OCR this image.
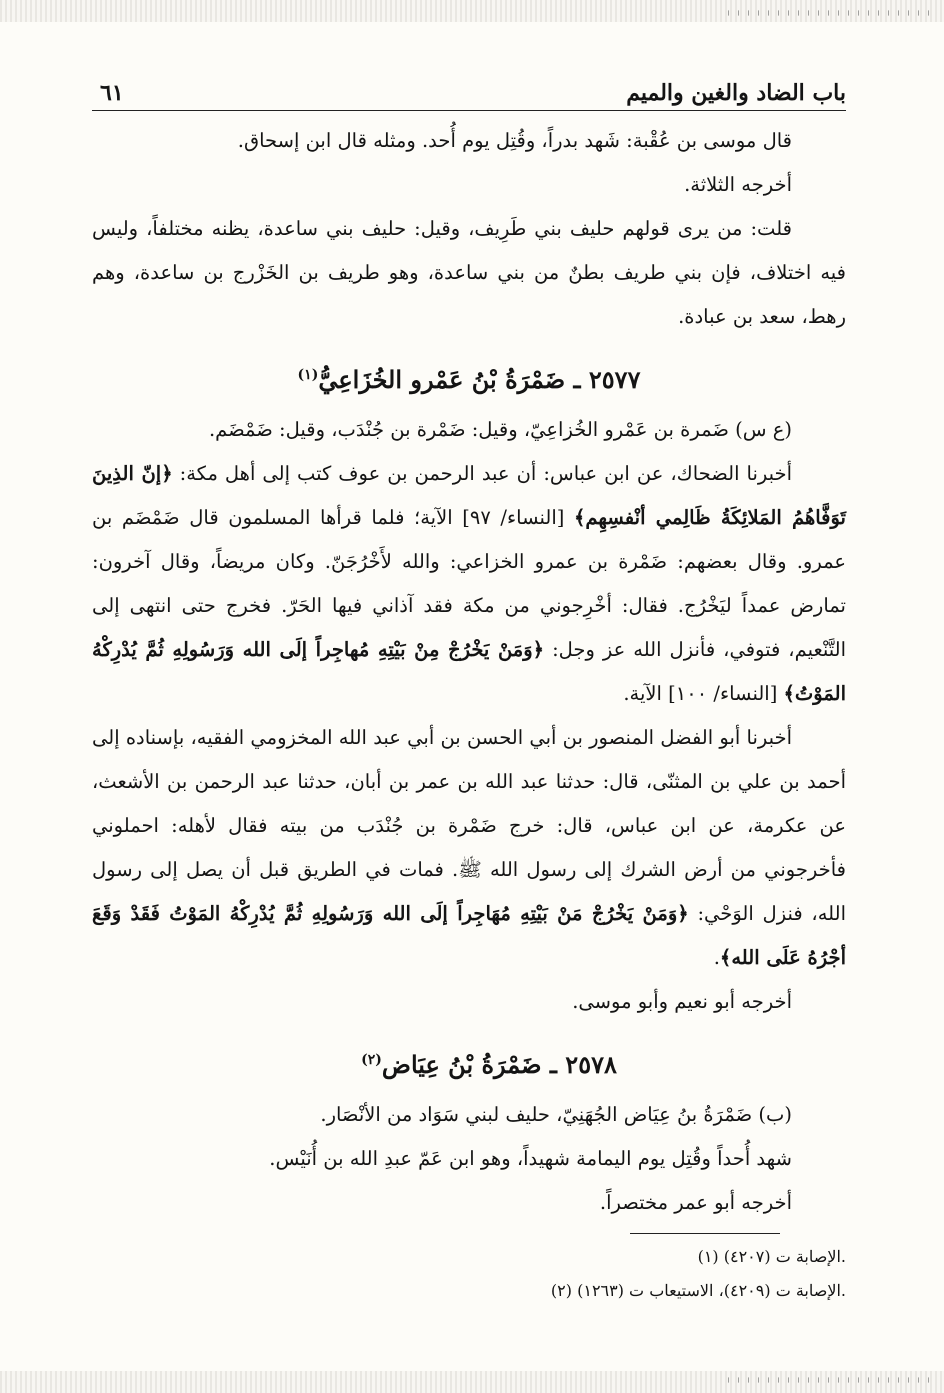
باب الضاد والغين والميم
٦١

قال موسى بن عُقْبة: شَهد بدراً، وقُتِل يوم أُحد. ومثله قال ابن إسحاق.

أخرجه الثلاثة.

قلت: من يرى قولهم حليف بني طَرِيف، وقيل: حليف بني ساعدة، يظنه مختلفاً، وليس فيه اختلاف، فإن بني طريف بطنٌ من بني ساعدة، وهو طريف بن الخَزْرج بن ساعدة، وهم رهط، سعد بن عبادة.

٢٥٧٧ ـ ضَمْرَةُ بْنُ عَمْرو الخُزَاعِيُّ$^{(١)}$

(ع س) ضَمرة بن عَمْرو الخُزاعِيّ، وقيل: ضَمْرة بن جُنْدَب، وقيل: ضَمْضَم.

أخبرنا الضحاك، عن ابن عباس: أن عبد الرحمن بن عوف كتب إلى أهل مكة: ﴿إنّ الذِينَ تَوَفَّاهُمُ المَلائِكَةُ ظَالِمي أنْفسِهِم﴾ [النساء/ ٩٧] الآية؛ فلما قرأها المسلمون قال ضَمْضَم بن عمرو. وقال بعضهم: ضَمْرة بن عمرو الخزاعي: والله لأَخْرُجَنّ. وكان مريضاً، وقال آخرون: تمارض عمداً ليَخْرُج. فقال: أخْرِجوني من مكة فقد آذاني فيها الحَرّ. فخرج حتى انتهى إلى التَّنْعيم، فتوفي، فأنزل الله عز وجل: ﴿وَمَنْ يَخْرُجْ مِنْ بَيْتِهِ مُهاجِراً إلَى الله وَرَسُولِهِ ثُمَّ يُدْرِكْهُ المَوْتُ﴾ [النساء/ ١٠٠] الآية.

أخبرنا أبو الفضل المنصور بن أبي الحسن بن أبي عبد الله المخزومي الفقيه، بإسناده إلى أحمد بن علي بن المثنّى، قال: حدثنا عبد الله بن عمر بن أبان، حدثنا عبد الرحمن بن الأشعث، عن عكرمة، عن ابن عباس، قال: خرج ضَمْرة بن جُنْدَب من بيته فقال لأهله: احملوني فأخرجوني من أرض الشرك إلى رسول الله ﷺ. فمات في الطريق قبل أن يصل إلى رسول الله، فنزل الوَحْي: ﴿وَمَنْ يَخْرُجْ مَنْ بَيْتِهِ مُهَاجِراً إلَى الله وَرَسُولِهِ ثُمَّ يُدْرِكْهُ المَوْتُ فَقَدْ وَقَعَ أجْرُهُ عَلَى الله﴾.

أخرجه أبو نعيم وأبو موسى.

٢٥٧٨ ـ ضَمْرَةُ بْنُ عِيَاض$^{(٢)}$

(ب) ضَمْرَةُ بنُ عِيَاض الجُهَنِيّ، حليف لبني سَوَاد من الأنْصَار.

شهد أُحداً وقُتِل يوم اليمامة شهيداً، وهو ابن عَمّ عبدِ الله بن أُنَيْس.

أخرجه أبو عمر مختصراً.

(١) الإصابة ت (٤٢٠٧).
(٢) الإصابة ت (٤٢٠٩)، الاستيعاب ت (١٢٦٣).
